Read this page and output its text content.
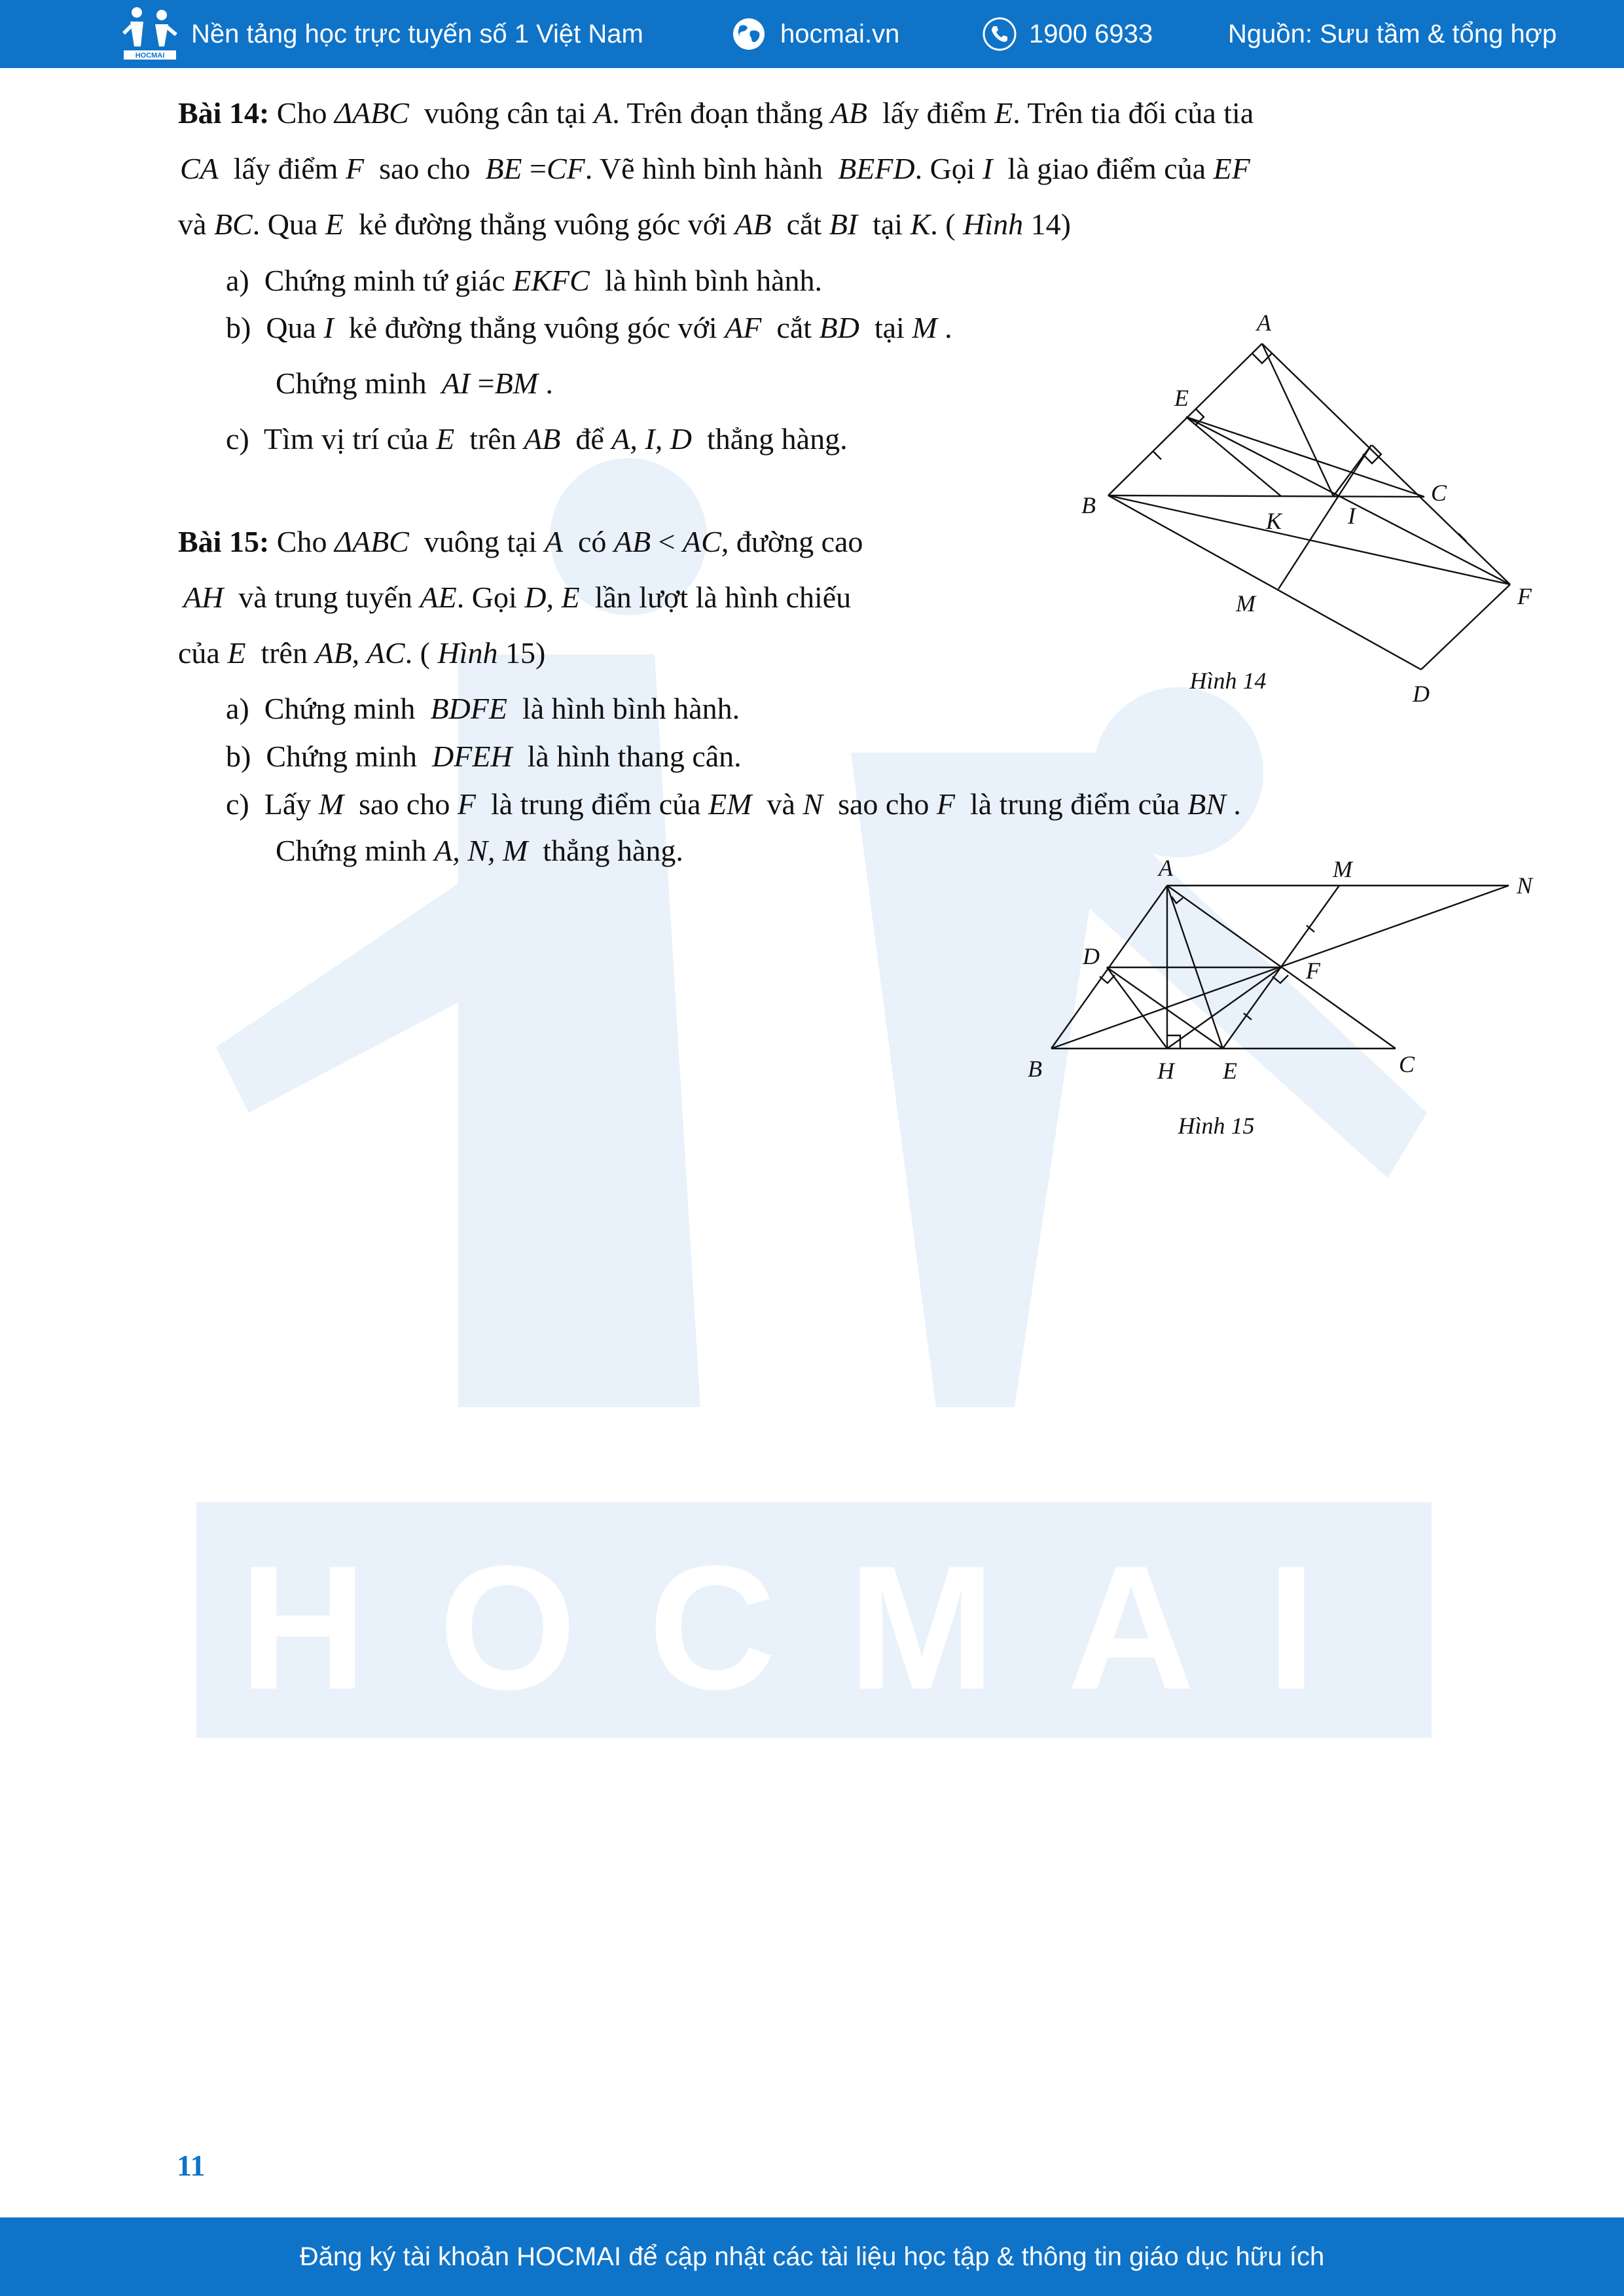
HOCMAI
HOCMAI
Nền tảng học trực tuyến số 1 Việt Nam	hocmai.vn	1900 6933	Nguồn: Sưu tầm & tổng hợp
Bài 14: Cho ΔABC vuông cân tại A. Trên đoạn thẳng AB lấy điểm E. Trên tia đối của tia
CA lấy điểm F sao cho BE =CF. Vẽ hình bình hành BEFD. Gọi I là giao điểm của EF
và BC. Qua E kẻ đường thẳng vuông góc với AB cắt BI tại K. ( Hình 14)
a) Chứng minh tứ giác EKFC là hình bình hành.
b) Qua I kẻ đường thẳng vuông góc với AF cắt BD tại M .
Chứng minh AI =BM .
c) Tìm vị trí của E trên AB để A, I, D thẳng hàng.
Bài 15: Cho ΔABC vuông tại A có AB < AC, đường cao
AH và trung tuyến AE. Gọi D, E lần lượt là hình chiếu
của E trên AB, AC. ( Hình 15)
a) Chứng minh BDFE là hình bình hành.
b) Chứng minh DFEH là hình thang cân.
c) Lấy M sao cho F là trung điểm của EM và N sao cho F là trung điểm của BN .
Chứng minh A, N, M thẳng hàng.
A
B	C
D
E
F
I
K
M
Hình 14
A
B	C
D
E
F
H
M
N
Hình 15
11
Đăng ký tài khoản HOCMAI để cập nhật các tài liệu học tập & thông tin giáo dục hữu ích
